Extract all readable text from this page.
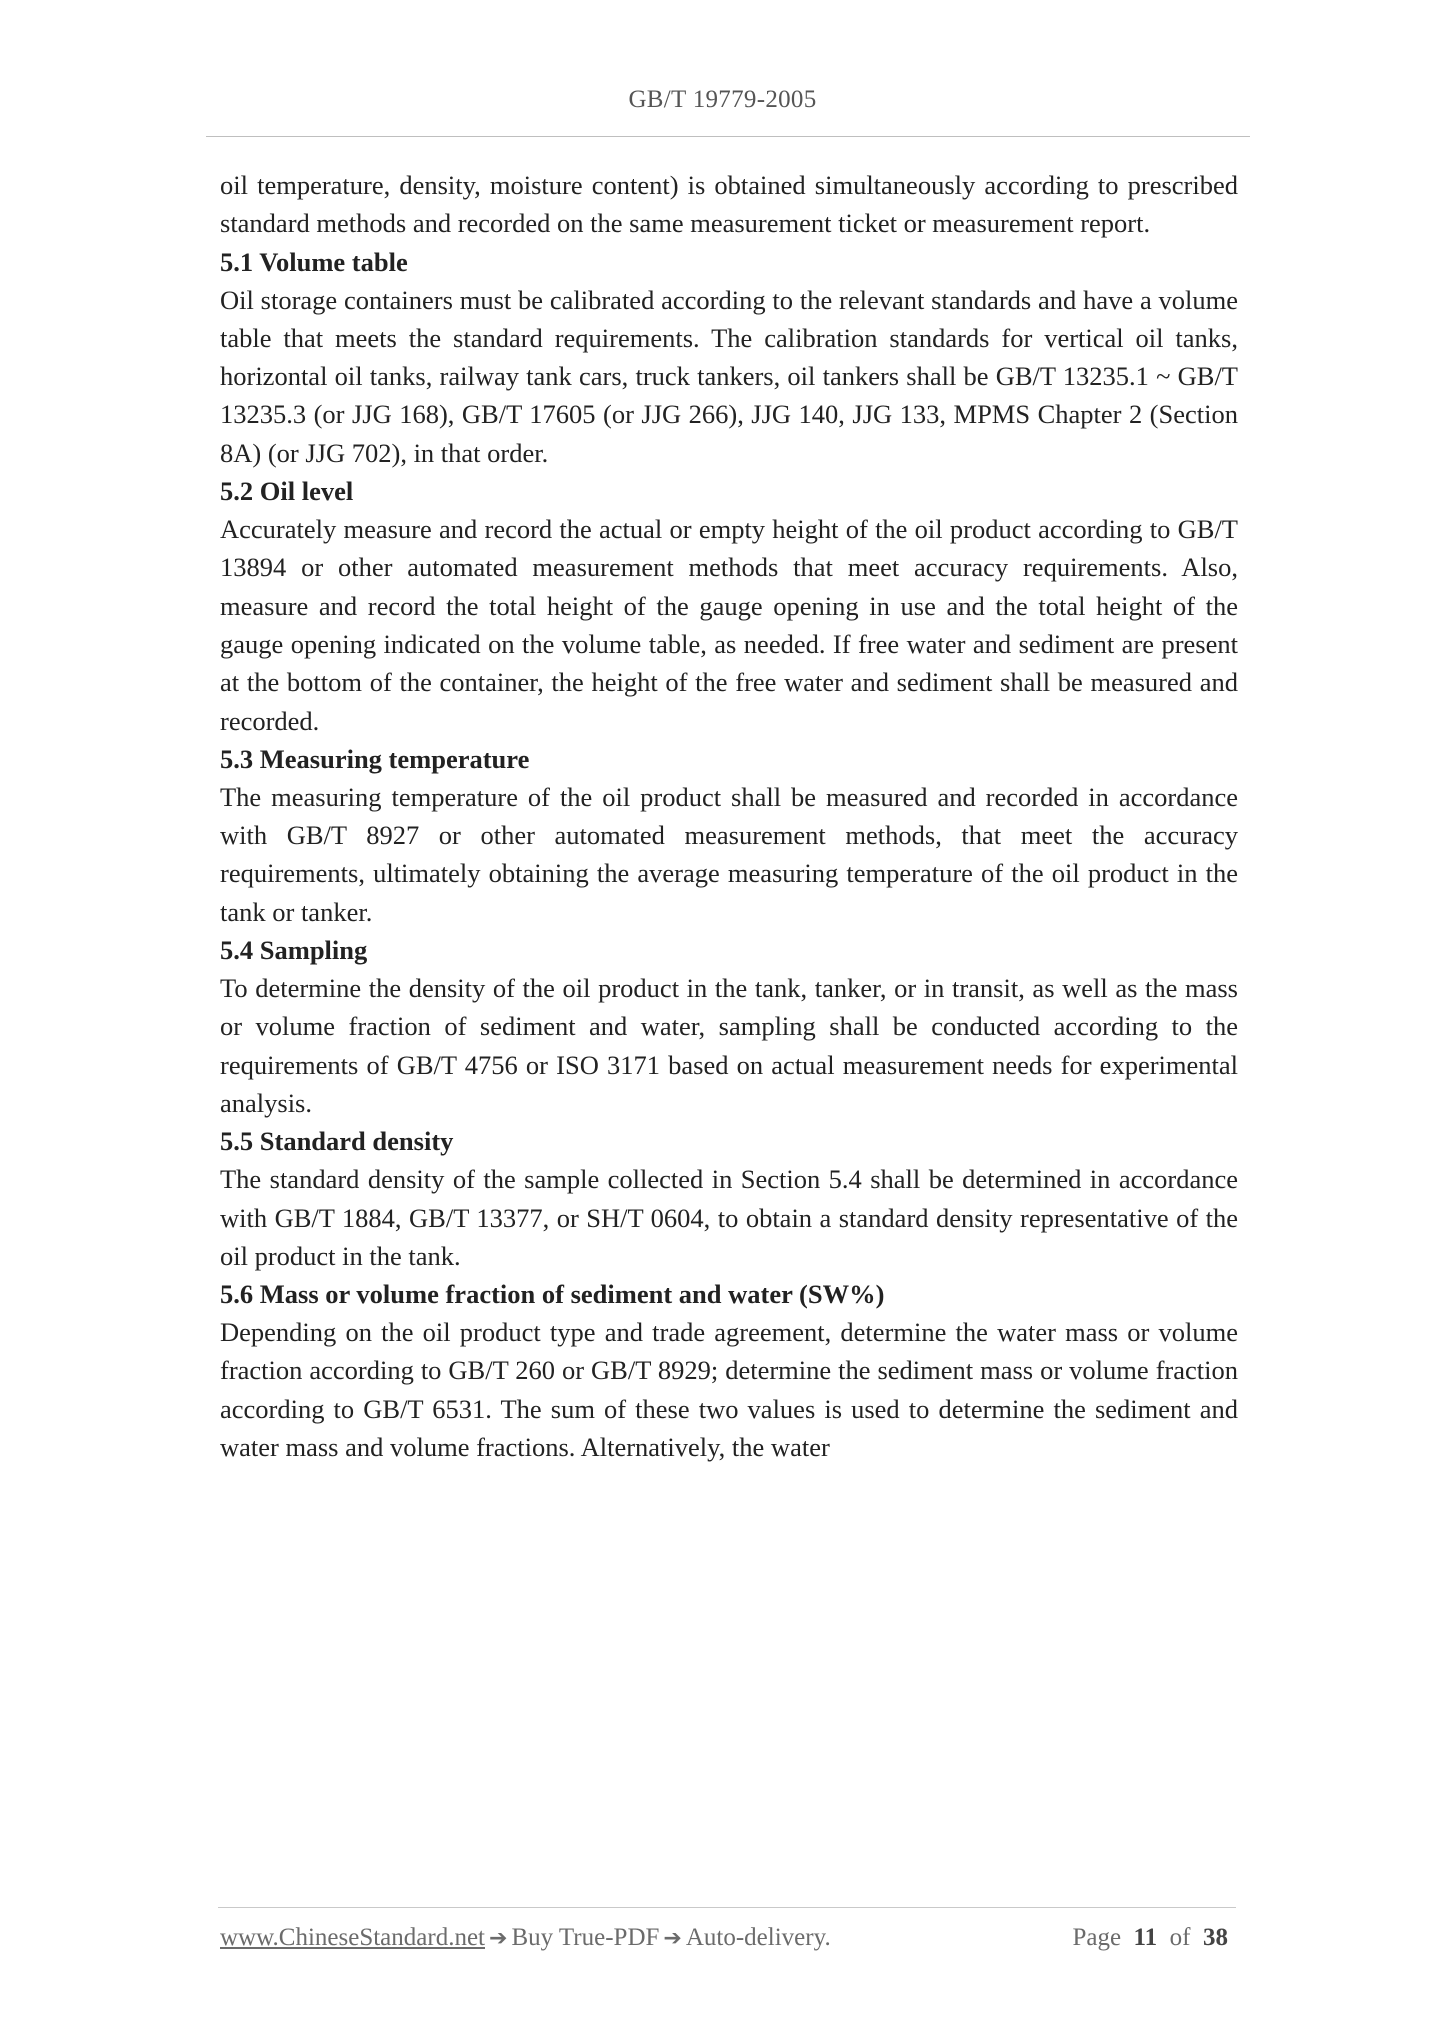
GB/T 19779-2005

oil temperature, density, moisture content) is obtained simultaneously according to prescribed standard methods and recorded on the same measurement ticket or measurement report.

5.1 Volume table

Oil storage containers must be calibrated according to the relevant standards and have a volume table that meets the standard requirements. The calibration standards for vertical oil tanks, horizontal oil tanks, railway tank cars, truck tankers, oil tankers shall be GB/T 13235.1 ~ GB/T 13235.3 (or JJG 168), GB/T 17605 (or JJG 266), JJG 140, JJG 133, MPMS Chapter 2 (Section 8A) (or JJG 702), in that order.

5.2 Oil level

Accurately measure and record the actual or empty height of the oil product according to GB/T 13894 or other automated measurement methods that meet accuracy requirements. Also, measure and record the total height of the gauge opening in use and the total height of the gauge opening indicated on the volume table, as needed. If free water and sediment are present at the bottom of the container, the height of the free water and sediment shall be measured and recorded.

5.3 Measuring temperature

The measuring temperature of the oil product shall be measured and recorded in accordance with GB/T 8927 or other automated measurement methods, that meet the accuracy requirements, ultimately obtaining the average measuring temperature of the oil product in the tank or tanker.

5.4 Sampling

To determine the density of the oil product in the tank, tanker, or in transit, as well as the mass or volume fraction of sediment and water, sampling shall be conducted according to the requirements of GB/T 4756 or ISO 3171 based on actual measurement needs for experimental analysis.

5.5 Standard density

The standard density of the sample collected in Section 5.4 shall be determined in accordance with GB/T 1884, GB/T 13377, or SH/T 0604, to obtain a standard density representative of the oil product in the tank.

5.6 Mass or volume fraction of sediment and water (SW%)

Depending on the oil product type and trade agreement, determine the water mass or volume fraction according to GB/T 260 or GB/T 8929; determine the sediment mass or volume fraction according to GB/T 6531. The sum of these two values is used to determine the sediment and water mass and volume fractions. Alternatively, the water

www.ChineseStandard.net ➔ Buy True-PDF ➔ Auto-delivery.	Page 11 of 38
